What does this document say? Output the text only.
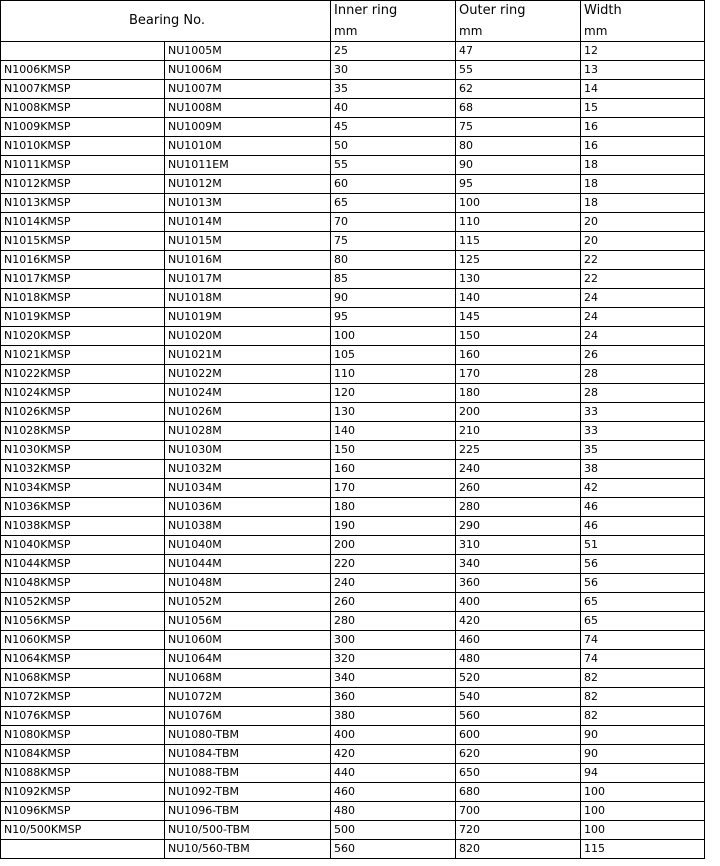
Bearing No.		Inner ring	Outer ring	Width
		mm	mm	mm
	NU1005M	25	47	12
N1006KMSP	NU1006M	30	55	13
N1007KMSP	NU1007M	35	62	14
N1008KMSP	NU1008M	40	68	15
N1009KMSP	NU1009M	45	75	16
N1010KMSP	NU1010M	50	80	16
N1011KMSP	NU1011EM	55	90	18
N1012KMSP	NU1012M	60	95	18
N1013KMSP	NU1013M	65	100	18
N1014KMSP	NU1014M	70	110	20
N1015KMSP	NU1015M	75	115	20
N1016KMSP	NU1016M	80	125	22
N1017KMSP	NU1017M	85	130	22
N1018KMSP	NU1018M	90	140	24
N1019KMSP	NU1019M	95	145	24
N1020KMSP	NU1020M	100	150	24
N1021KMSP	NU1021M	105	160	26
N1022KMSP	NU1022M	110	170	28
N1024KMSP	NU1024M	120	180	28
N1026KMSP	NU1026M	130	200	33
N1028KMSP	NU1028M	140	210	33
N1030KMSP	NU1030M	150	225	35
N1032KMSP	NU1032M	160	240	38
N1034KMSP	NU1034M	170	260	42
N1036KMSP	NU1036M	180	280	46
N1038KMSP	NU1038M	190	290	46
N1040KMSP	NU1040M	200	310	51
N1044KMSP	NU1044M	220	340	56
N1048KMSP	NU1048M	240	360	56
N1052KMSP	NU1052M	260	400	65
N1056KMSP	NU1056M	280	420	65
N1060KMSP	NU1060M	300	460	74
N1064KMSP	NU1064M	320	480	74
N1068KMSP	NU1068M	340	520	82
N1072KMSP	NU1072M	360	540	82
N1076KMSP	NU1076M	380	560	82
N1080KMSP	NU1080-TBM	400	600	90
N1084KMSP	NU1084-TBM	420	620	90
N1088KMSP	NU1088-TBM	440	650	94
N1092KMSP	NU1092-TBM	460	680	100
N1096KMSP	NU1096-TBM	480	700	100
N10/500KMSP	NU10/500-TBM	500	720	100
	NU10/560-TBM	560	820	115
